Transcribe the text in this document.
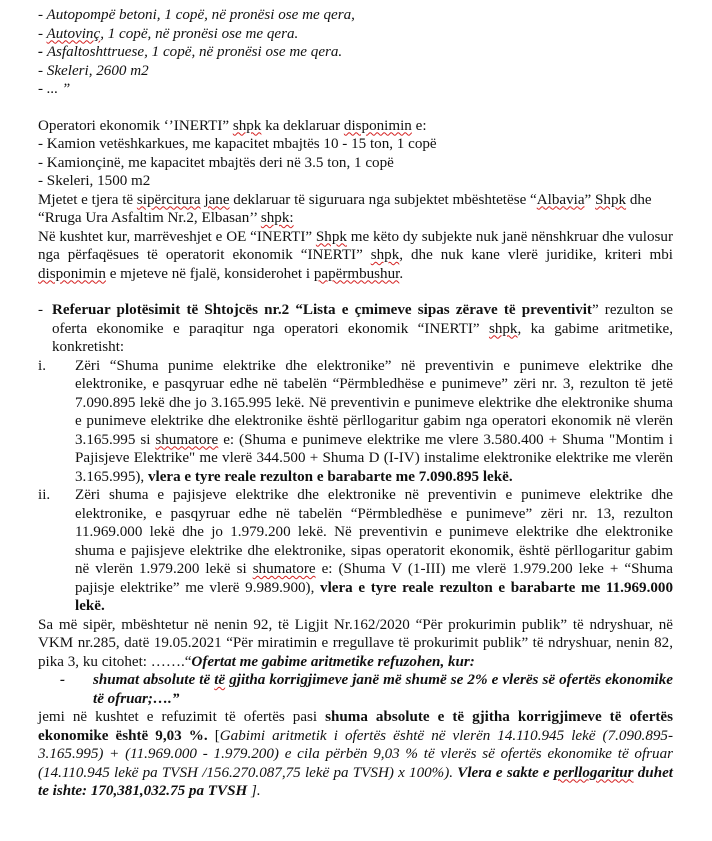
- Autopompë betoni, 1 copë, në pronësi ose me qera,
- Autovinç, 1 copë, në pronësi ose me qera.
- Asfaltoshttruese, 1 copë, në pronësi ose me qera.
- Skeleri, 2600 m2
- ... ”
Operatori ekonomik ‘’INERTI” shpk ka deklaruar disponimin e:
- Kamion vetëshkarkues, me kapacitet mbajtës 10 - 15 ton, 1 copë
- Kamionçinë, me kapacitet mbajtës deri në 3.5 ton, 1 copë
- Skeleri, 1500 m2
Mjetet e tjera të sipërcitura jane deklaruar të siguruara nga subjektet mbështetëse “Albavia” Shpk dhe “Rruga Ura Asfaltim Nr.2, Elbasan’’ shpk:
Në kushtet kur, marrëveshjet e OE “INERTI” Shpk me këto dy subjekte nuk janë nënshkruar dhe vulosur nga përfaqësues të operatorit ekonomik “INERTI” shpk, dhe nuk kane vlerë juridike, kriteri mbi disponimin e mjeteve në fjalë, konsiderohet i papërmbushur.
- Referuar plotësimit të Shtojcës nr.2 “Lista e çmimeve sipas zërave të preventivit” rezulton se oferta ekonomike e paraqitur nga operatori ekonomik “INERTI” shpk, ka gabime aritmetike, konkretisht:
i. Zëri “Shuma punime elektrike dhe elektronike” në preventivin e punimeve elektrike dhe elektronike, e pasqyruar edhe në tabelën “Përmbledhëse e punimeve” zëri nr. 3, rezulton të jetë 7.090.895 lekë dhe jo 3.165.995 lekë. Në preventivin e punimeve elektrike dhe elektronike shuma e punimeve elektrike dhe elektronike është përllogaritur gabim nga operatori ekonomik në vlerën 3.165.995 si shumatore e: (Shuma e punimeve elektrike me vlere 3.580.400 + Shuma "Montim i Pajisjeve Elektrike" me vlerë 344.500 + Shuma D (I-IV) instalime elektronike elektrike me vlerën 3.165.995), vlera e tyre reale rezulton e barabarte me 7.090.895 lekë.
ii. Zëri shuma e pajisjeve elektrike dhe elektronike në preventivin e punimeve elektrike dhe elektronike, e pasqyruar edhe në tabelën “Përmbledhëse e punimeve” zëri nr. 13, rezulton 11.969.000 lekë dhe jo 1.979.200 lekë. Në preventivin e punimeve elektrike dhe elektronike shuma e pajisjeve elektrike dhe elektronike, sipas operatorit ekonomik, është përllogaritur gabim në vlerën 1.979.200 lekë si shumatore e: (Shuma V (1-III) me vlerë 1.979.200 leke + “Shuma pajisje elektrike” me vlerë 9.989.900), vlera e tyre reale rezulton e barabarte me 11.969.000 lekë.
Sa më sipër, mbështetur në nenin 92, të Ligjit Nr.162/2020 “Për prokurimin publik” të ndryshuar, në VKM nr.285, datë 19.05.2021 “Për miratimin e rregullave të prokurimit publik” të ndryshuar, nenin 82, pika 3, ku citohet: …….“Ofertat me gabime aritmetike refuzohen, kur:
- shumat absolute të të gjitha korrigjimeve janë më shumë se 2% e vlerës së ofertës ekonomike të ofruar;….”
jemi në kushtet e refuzimit të ofertës pasi shuma absolute e të gjitha korrigjimeve të ofertës ekonomike është 9,03 %. [Gabimi aritmetik i ofertës është në vlerën 14.110.945 lekë (7.090.895-3.165.995) + (11.969.000 - 1.979.200) e cila përbën 9,03 % të vlerës së ofertës ekonomike të ofruar (14.110.945 lekë pa TVSH /156.270.087,75 lekë pa TVSH) x 100%). Vlera e sakte e perllogaritur duhet te ishte: 170,381,032.75 pa TVSH ].
